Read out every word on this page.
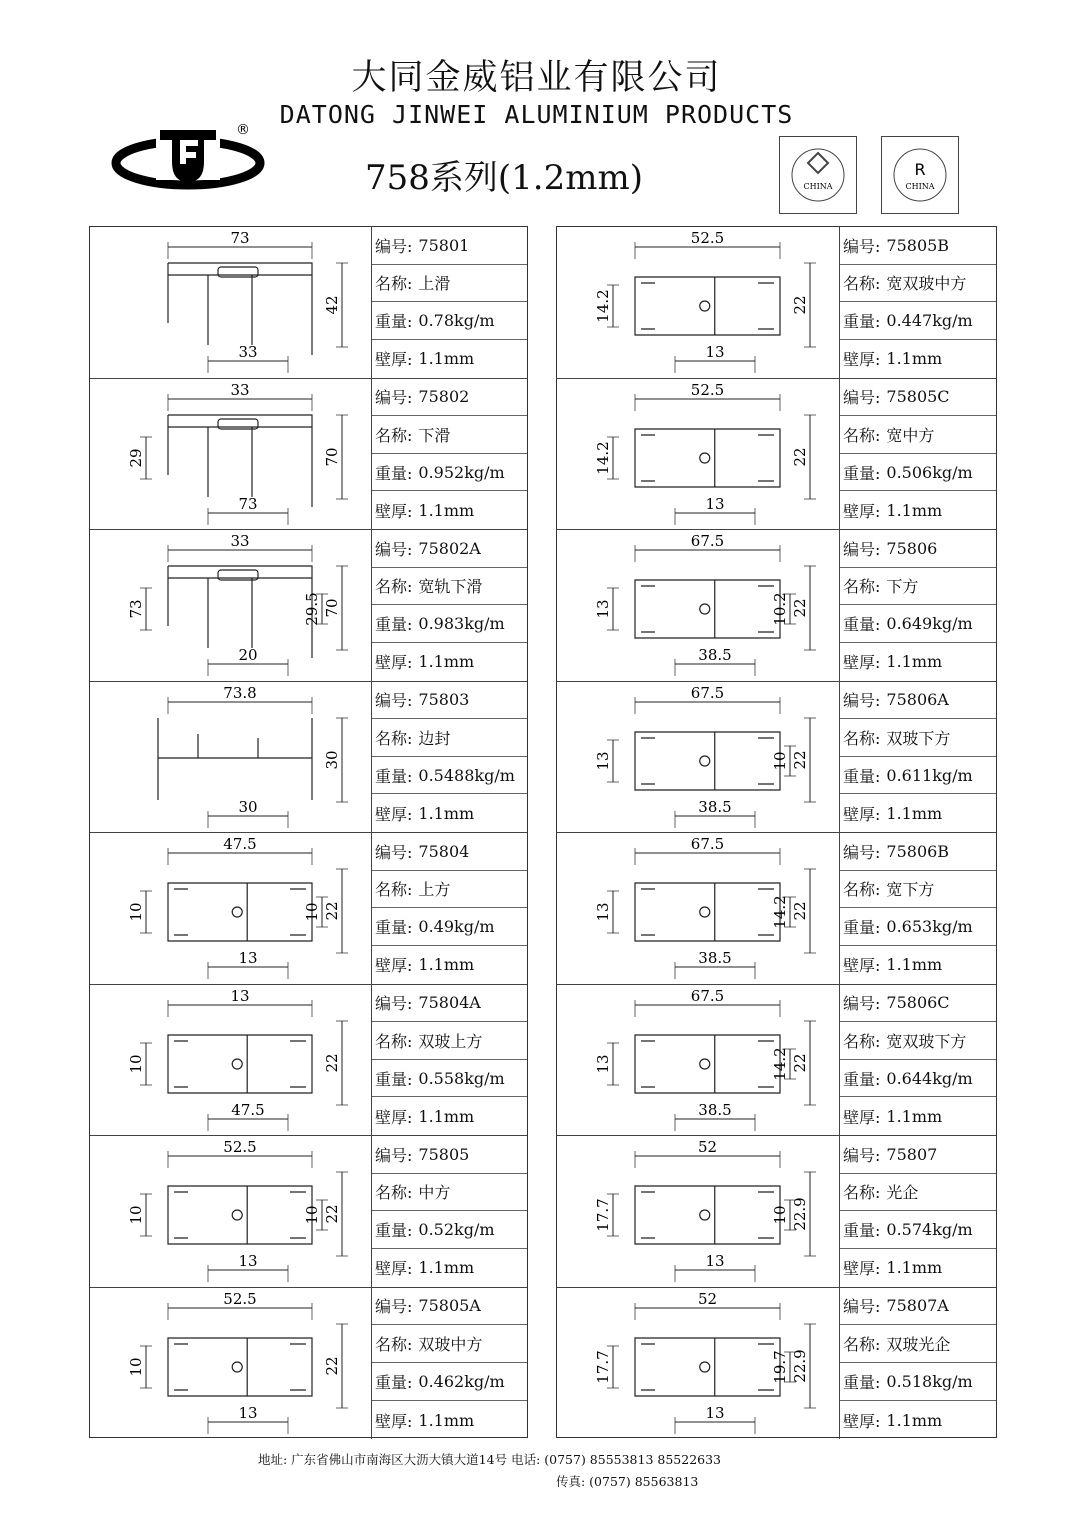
大同金威铝业有限公司
DATONG JINWEI ALUMINIUM PRODUCTS
758系列(1.2mm)
®
CHINA
R
CHINA
73
33
42
编号: 75801
名称: 上滑
重量: 0.78kg/m
壁厚: 1.1mm
33
73
70
29
编号: 75802
名称: 下滑
重量: 0.952kg/m
壁厚: 1.1mm
33
20
70
73	29.5
编号: 75802A
名称: 宽轨下滑
重量: 0.983kg/m
壁厚: 1.1mm
73.8
30
30
编号: 75803
名称: 边封
重量: 0.5488kg/m
壁厚: 1.1mm
47.5
13
22
10	10
编号: 75804
名称: 上方
重量: 0.49kg/m
壁厚: 1.1mm
13
47.5
22
10
编号: 75804A
名称: 双玻上方
重量: 0.558kg/m
壁厚: 1.1mm
52.5
13
22
10	10
编号: 75805
名称: 中方
重量: 0.52kg/m
壁厚: 1.1mm
52.5
13
22
10
编号: 75805A
名称: 双玻中方
重量: 0.462kg/m
壁厚: 1.1mm
52.5
13
22
14.2
编号: 75805B
名称: 宽双玻中方
重量: 0.447kg/m
壁厚: 1.1mm
52.5
13
22
14.2
编号: 75805C
名称: 宽中方
重量: 0.506kg/m
壁厚: 1.1mm
67.5
38.5
22
13	10.2
编号: 75806
名称: 下方
重量: 0.649kg/m
壁厚: 1.1mm
67.5
38.5
22
13	10
编号: 75806A
名称: 双玻下方
重量: 0.611kg/m
壁厚: 1.1mm
67.5
38.5
22
13	14.2
编号: 75806B
名称: 宽下方
重量: 0.653kg/m
壁厚: 1.1mm
67.5
38.5
22
13	14.2
编号: 75806C
名称: 宽双玻下方
重量: 0.644kg/m
壁厚: 1.1mm
52
13
22.9
17.7	10
编号: 75807
名称: 光企
重量: 0.574kg/m
壁厚: 1.1mm
52
13
22.9
17.7	19.7
编号: 75807A
名称: 双玻光企
重量: 0.518kg/m
壁厚: 1.1mm
地址: 广东省佛山市南海区大沥大镇大道14号 电话: (0757) 85553813 85522633
传真: (0757) 85563813
